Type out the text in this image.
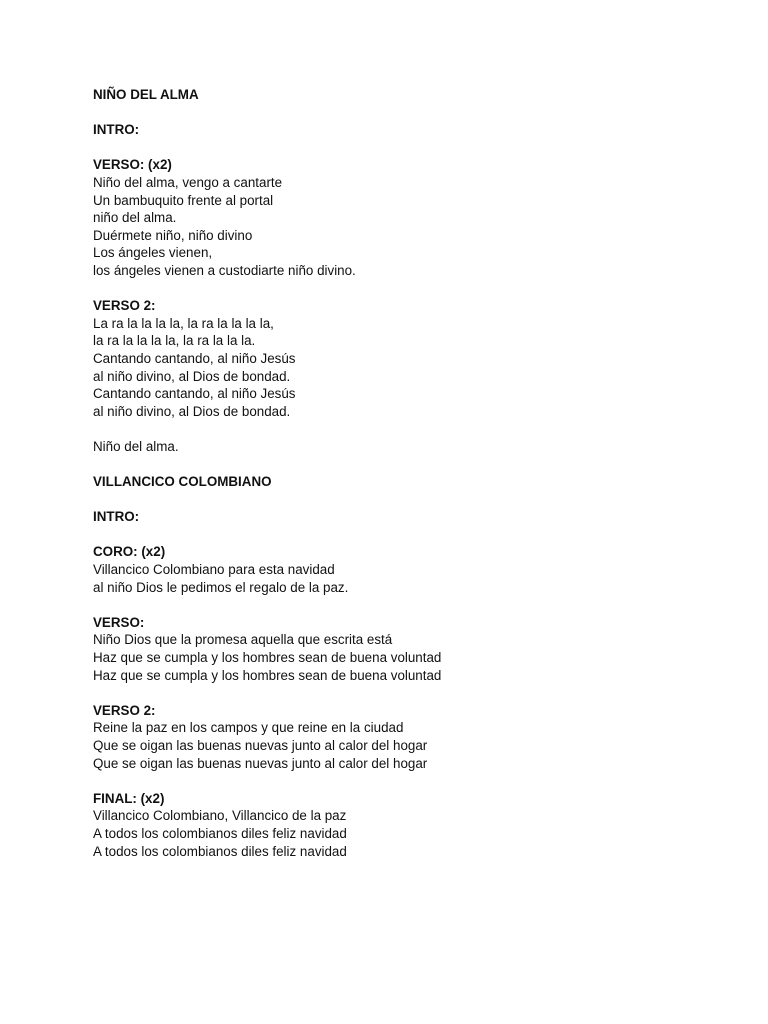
NIÑO DEL ALMA
INTRO:
VERSO: (x2)
Niño del alma, vengo a cantarte
Un bambuquito frente al portal
niño del alma.
Duérmete niño, niño divino
Los ángeles vienen,
los ángeles vienen a custodiarte niño divino.
VERSO 2:
La ra la la la la, la ra la la la la,
la ra la la la la, la ra la la la.
Cantando cantando, al niño Jesús
al niño divino, al Dios de bondad.
Cantando cantando, al niño Jesús
al niño divino, al Dios de bondad.
Niño del alma.
VILLANCICO COLOMBIANO
INTRO:
CORO: (x2)
Villancico Colombiano para esta navidad
al niño Dios le pedimos el regalo de la paz.
VERSO:
Niño Dios que la promesa aquella que escrita está
Haz que se cumpla y los hombres sean de buena voluntad
Haz que se cumpla y los hombres sean de buena voluntad
VERSO 2:
Reine la paz en los campos y que reine en la ciudad
Que se oigan las buenas nuevas junto al calor del hogar
Que se oigan las buenas nuevas junto al calor del hogar
FINAL: (x2)
Villancico Colombiano, Villancico de la paz
A todos los colombianos diles feliz navidad
A todos los colombianos diles feliz navidad
